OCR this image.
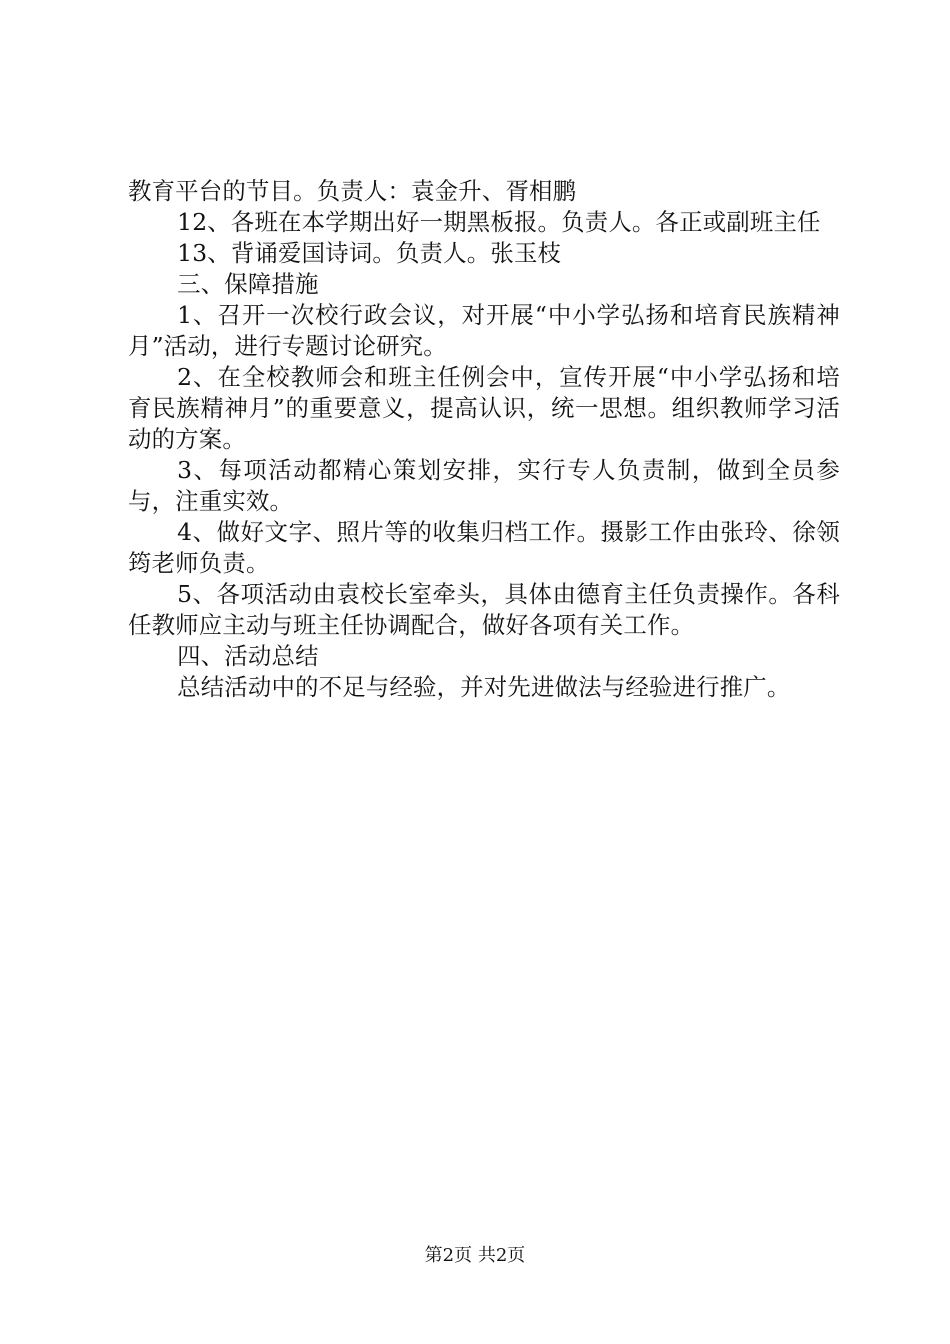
教育平台的节目。负责人：袁金升、胥相鹏

12、各班在本学期出好一期黑板报。负责人。各正或副班主任

13、背诵爱国诗词。负责人。张玉枝

三、保障措施

1、召开一次校行政会议，对开展“中小学弘扬和培育民族精神月”活动，进行专题讨论研究。

2、在全校教师会和班主任例会中，宣传开展“中小学弘扬和培育民族精神月”的重要意义，提高认识，统一思想。组织教师学习活动的方案。

3、每项活动都精心策划安排，实行专人负责制，做到全员参与，注重实效。

4、做好文字、照片等的收集归档工作。摄影工作由张玲、徐领筠老师负责。

5、各项活动由袁校长室牵头，具体由德育主任负责操作。各科任教师应主动与班主任协调配合，做好各项有关工作。

四、活动总结

总结活动中的不足与经验，并对先进做法与经验进行推广。

第2页 共2页
